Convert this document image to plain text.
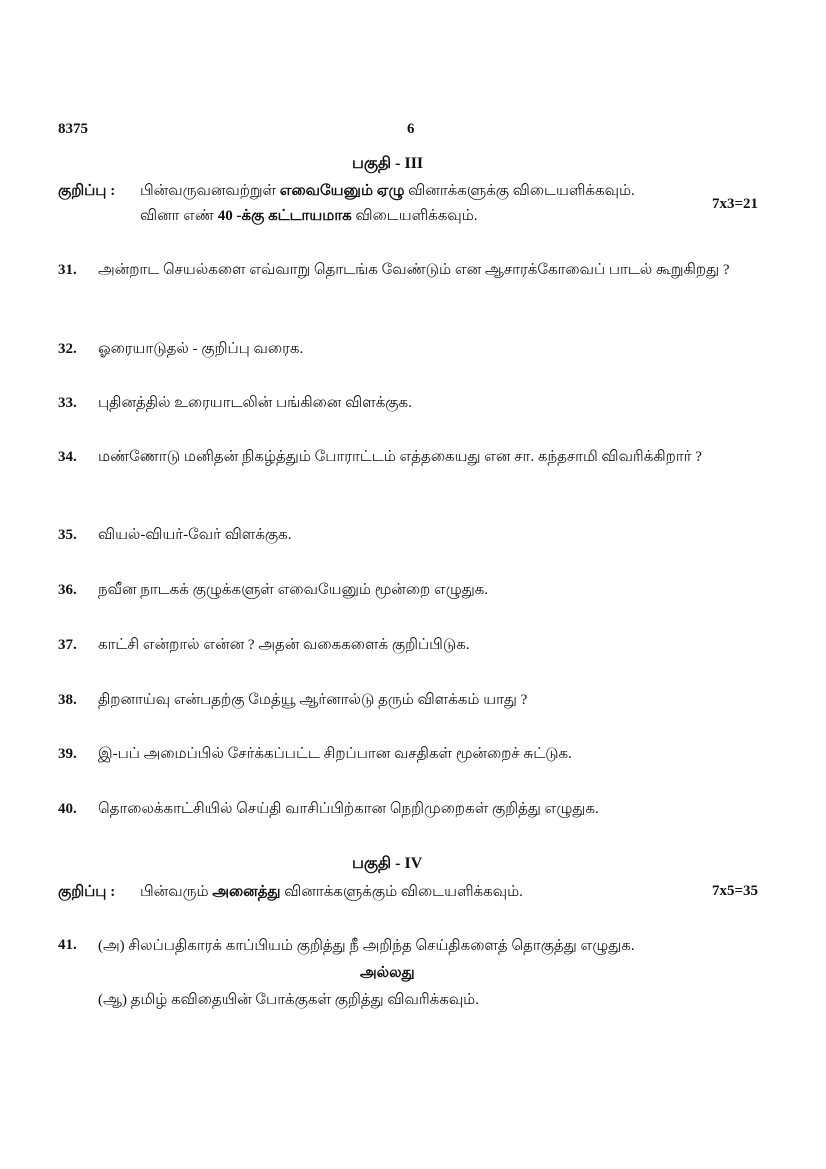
8375	6
பகுதி - III
குறிப்பு : பின்வருவனவற்றுள் எவையேனும் ஏழு வினாக்களுக்கு விடையளிக்கவும்.
7x3=21
வினா எண் 40 -க்கு கட்டாயமாக விடையளிக்கவும்.
31. அன்றாட செயல்களை எவ்வாறு தொடங்க வேண்டும் என ஆசாரக்கோவைப் பாடல் கூறுகிறது ?
32. ஓரையாடுதல் - குறிப்பு வரைக.
33. புதினத்தில் உரையாடலின் பங்கினை விளக்குக.
34. மண்ணோடு மனிதன் நிகழ்த்தும் போராட்டம் எத்தகையது என சா. கந்தசாமி விவரிக்கிறார் ?
35. வியல்-வியர்-வேர் விளக்குக.
36. நவீன நாடகக் குழுக்களுள் எவையேனும் மூன்றை எழுதுக.
37. காட்சி என்றால் என்ன ? அதன் வகைகளைக் குறிப்பிடுக.
38. திறனாய்வு என்பதற்கு மேத்யூ ஆர்னால்டு தரும் விளக்கம் யாது ?
39. இ-பப் அமைப்பில் சேர்க்கப்பட்ட சிறப்பான வசதிகள் மூன்றைச் சுட்டுக.
40. தொலைக்காட்சியில் செய்தி வாசிப்பிற்கான நெறிமுறைகள் குறித்து எழுதுக.
பகுதி - IV
குறிப்பு : பின்வரும் அனைத்து வினாக்களுக்கும் விடையளிக்கவும்.	7x5=35
41. (அ) சிலப்பதிகாரக் காப்பியம் குறித்து நீ அறிந்த செய்திகளைத் தொகுத்து எழுதுக.
அல்லது
(ஆ) தமிழ் கவிதையின் போக்குகள் குறித்து விவரிக்கவும்.
